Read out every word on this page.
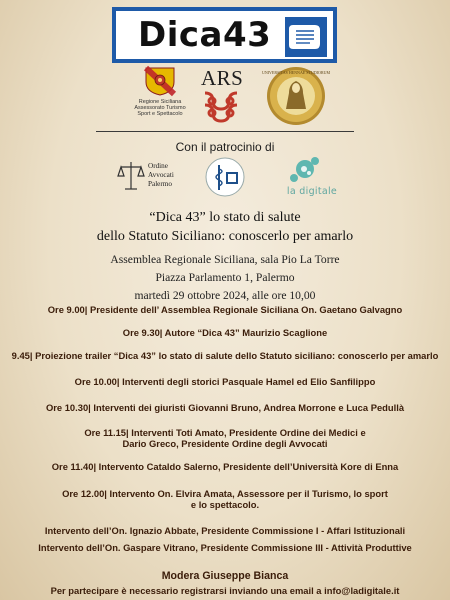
Dica43
Regione Siciliana
Assessorato Turismo
Sport e Spettacolo
ARS	UNIVERSITAS HENNAE STUDIORUM
Con il patrocinio di
Ordine
Avvocati
Palermo
la digitale
“Dica 43” lo stato di salute
dello Statuto Siciliano: conoscerlo per amarlo
Assemblea Regionale Siciliana, sala Pio La Torre
Piazza Parlamento 1, Palermo
martedì 29 ottobre 2024, alle ore 10,00
Ore 9.00| Presidente dell’ Assemblea Regionale Siciliana On. Gaetano Galvagno
Ore 9.30| Autore “Dica 43” Maurizio Scaglione
9.45| Proiezione trailer “Dica 43” lo stato di salute dello Statuto siciliano: conoscerlo per amarlo
Ore 10.00| Interventi degli storici Pasquale Hamel ed Elio Sanfilippo
Ore 10.30| Interventi dei giuristi Giovanni Bruno, Andrea Morrone e Luca Pedullà
Ore 11.15| Interventi Toti Amato, Presidente Ordine dei Medici e
Dario Greco, Presidente Ordine degli Avvocati
Ore 11.40| Intervento Cataldo Salerno, Presidente dell’Università Kore di Enna
Ore 12.00| Intervento On. Elvira Amata, Assessore per il Turismo, lo sport
e lo spettacolo.
Intervento dell’On. Ignazio Abbate, Presidente Commissione I - Affari Istituzionali
Intervento dell’On. Gaspare Vitrano, Presidente Commissione III - Attività Produttive
Modera Giuseppe Bianca
Per partecipare è necessario registrarsi inviando una email a info@ladigitale.it
